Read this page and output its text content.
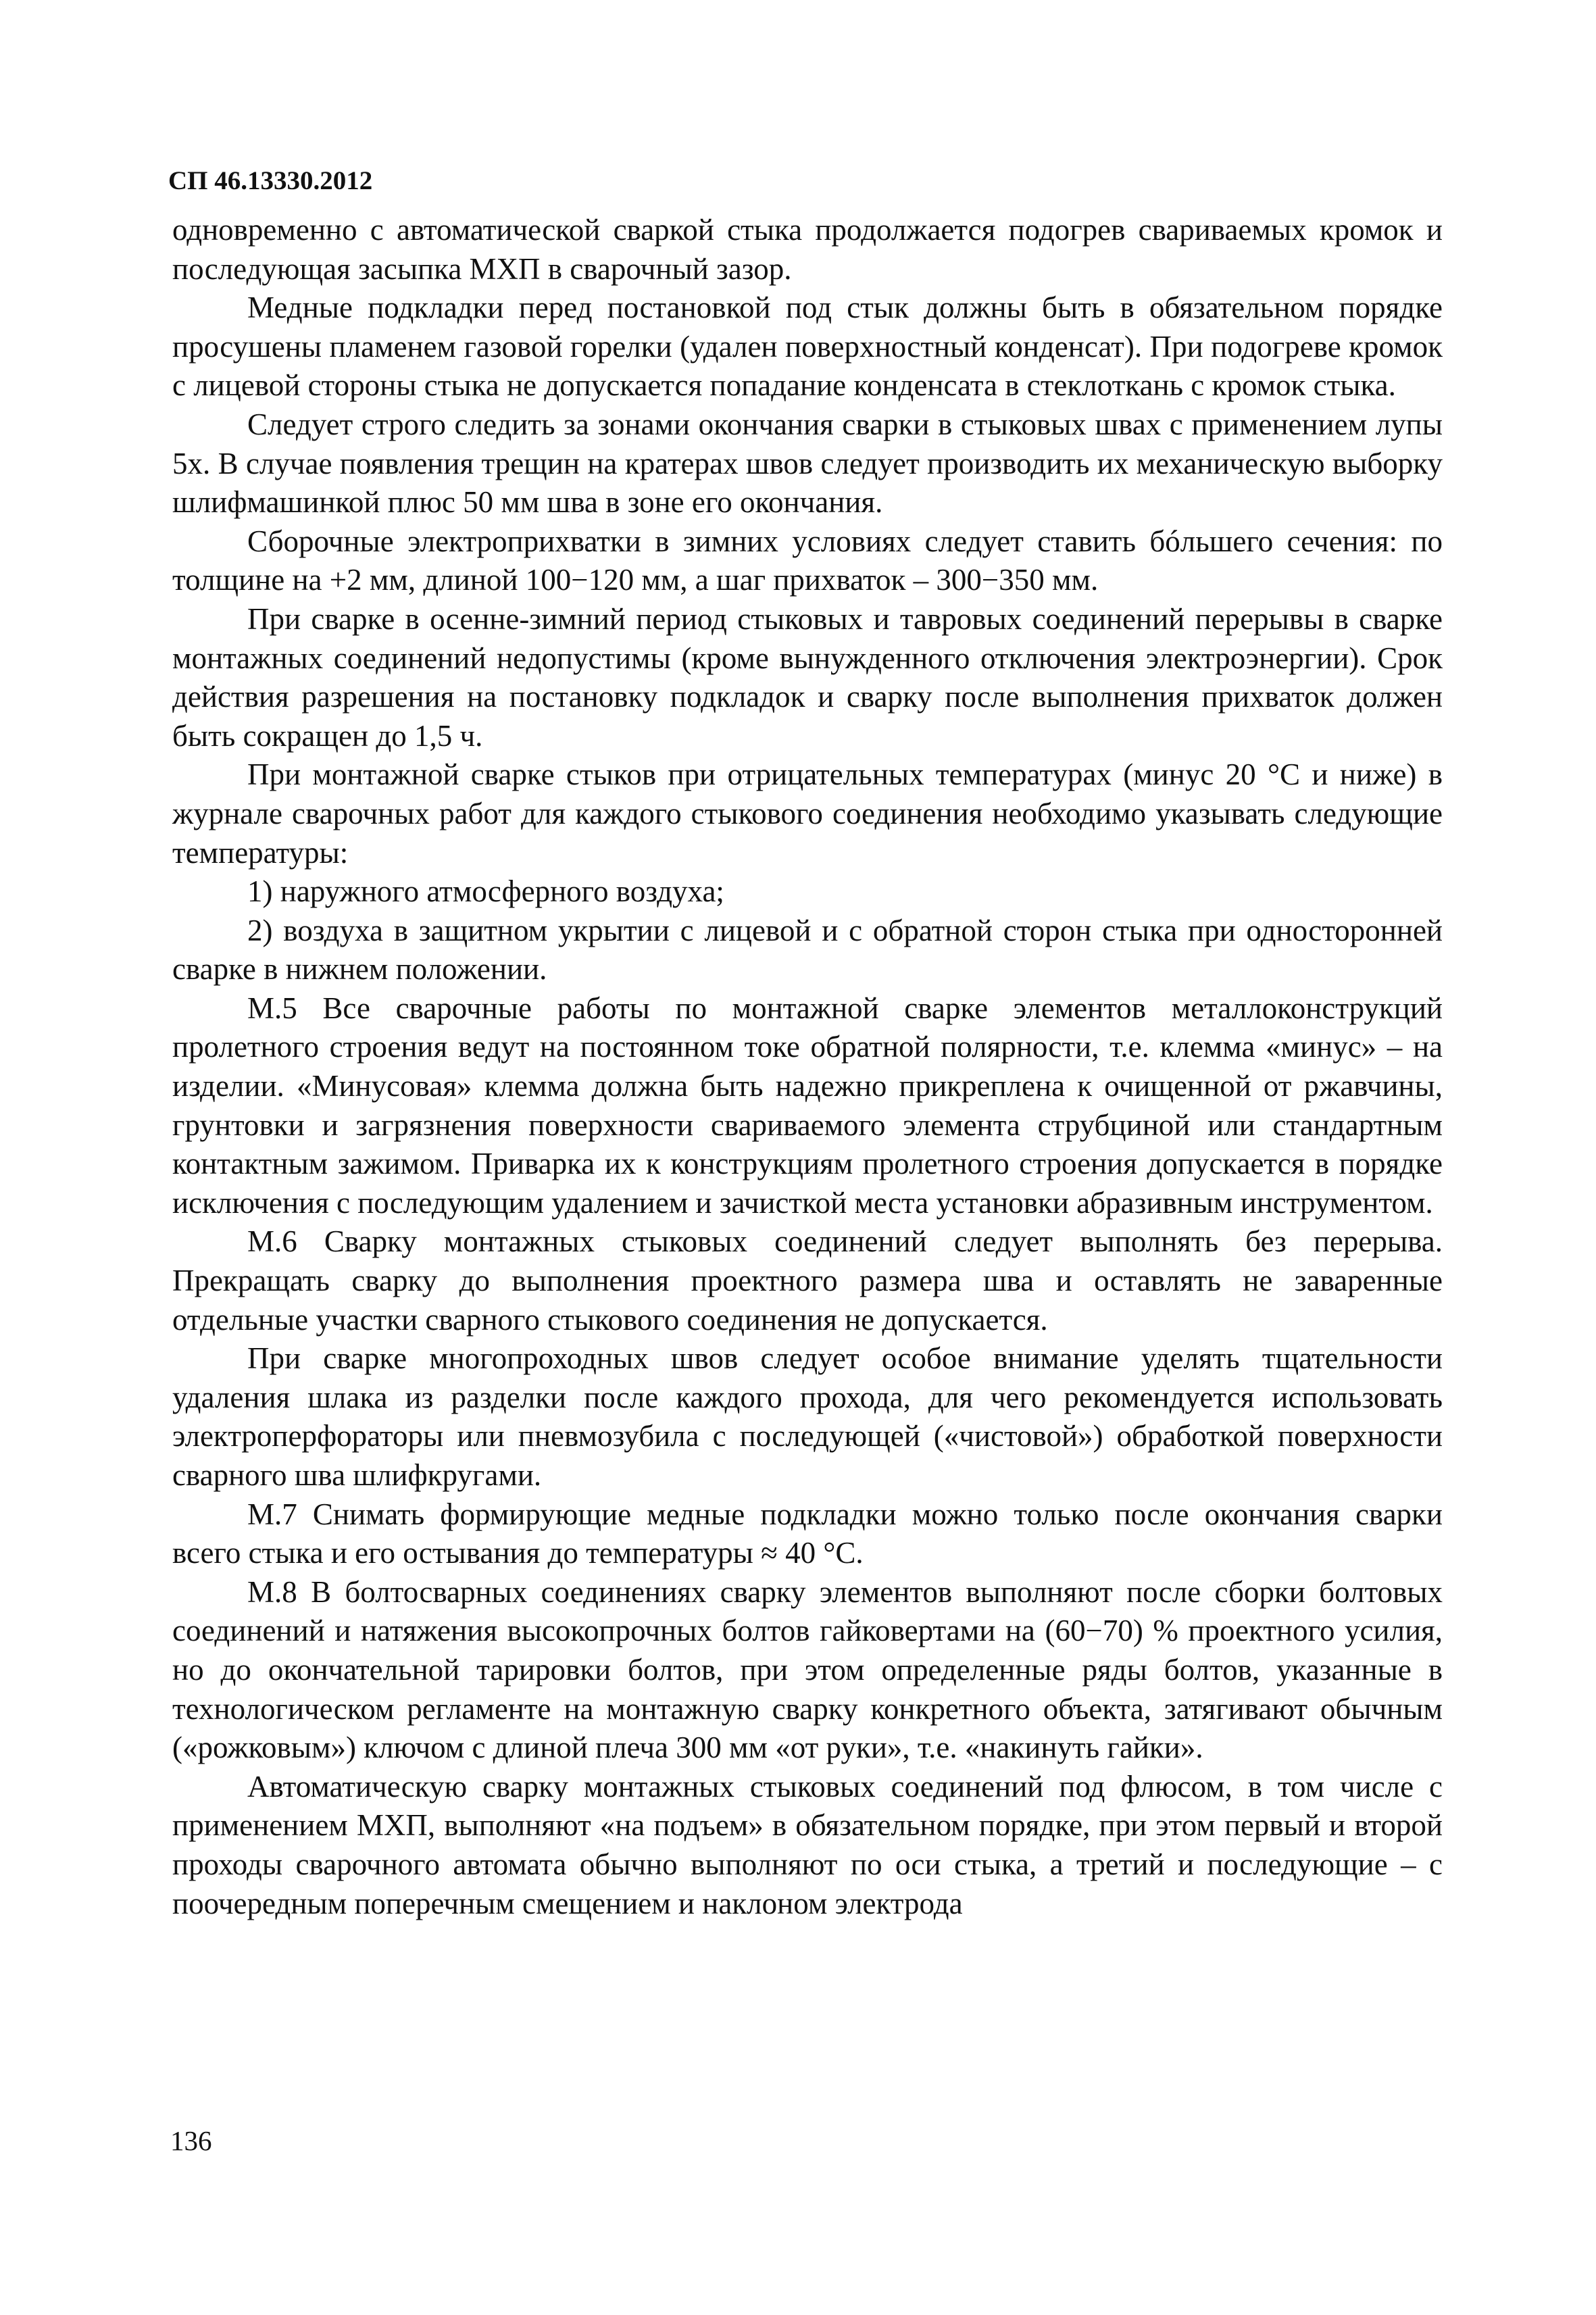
СП 46.13330.2012

одновременно с автоматической сваркой стыка продолжается подогрев свариваемых кромок и последующая засыпка МХП в сварочный зазор.

Медные подкладки перед постановкой под стык должны быть в обязательном порядке просушены пламенем газовой горелки (удален поверхностный конденсат). При подогреве кромок с лицевой стороны стыка не допускается попадание конденсата в стеклоткань с кромок стыка.

Следует строго следить за зонами окончания сварки в стыковых швах с применением лупы 5х. В случае появления трещин на кратерах швов следует производить их механическую выборку шлифмашинкой плюс 50 мм шва в зоне его окончания.

Сборочные электроприхватки в зимних условиях следует ставить бóльшего сечения: по толщине на +2 мм, длиной 100−120 мм, а шаг прихваток – 300−350 мм.

При сварке в осенне-зимний период стыковых и тавровых соединений перерывы в сварке монтажных соединений недопустимы (кроме вынужденного отключения электроэнергии). Срок действия разрешения на постановку подкладок и сварку после выполнения прихваток должен быть сокращен до 1,5 ч.

При монтажной сварке стыков при отрицательных температурах (минус 20 °С и ниже) в журнале сварочных работ для каждого стыкового соединения необходимо указывать следующие температуры:

1) наружного атмосферного воздуха;

2) воздуха в защитном укрытии с лицевой и с обратной сторон стыка при односторонней сварке в нижнем положении.

М.5 Все сварочные работы по монтажной сварке элементов металлоконструкций пролетного строения ведут на постоянном токе обратной полярности, т.е. клемма «минус» – на изделии. «Минусовая» клемма должна быть надежно прикреплена к очищенной от ржавчины, грунтовки и загрязнения поверхности свариваемого элемента струбциной или стандартным контактным зажимом. Приварка их к конструкциям пролетного строения допускается в порядке исключения с последующим удалением и зачисткой места установки абразивным инструментом.

М.6 Сварку монтажных стыковых соединений следует выполнять без перерыва. Прекращать сварку до выполнения проектного размера шва и оставлять не заваренные отдельные участки сварного стыкового соединения не допускается.

При сварке многопроходных швов следует особое внимание уделять тщательности удаления шлака из разделки после каждого прохода, для чего рекомендуется использовать электроперфораторы или пневмозубила с последующей («чистовой») обработкой поверхности сварного шва шлифкругами.

М.7 Снимать формирующие медные подкладки можно только после окончания сварки всего стыка и его остывания до температуры ≈ 40 °С.

М.8 В болтосварных соединениях сварку элементов выполняют после сборки болтовых соединений и натяжения высокопрочных болтов гайковертами на (60−70) % проектного усилия, но до окончательной тарировки болтов, при этом определенные ряды болтов, указанные в технологическом регламенте на монтажную сварку конкретного объекта, затягивают обычным («рожковым») ключом с длиной плеча 300 мм «от руки», т.е. «накинуть гайки».

Автоматическую сварку монтажных стыковых соединений под флюсом, в том числе с применением МХП, выполняют «на подъем» в обязательном порядке, при этом первый и второй проходы сварочного автомата обычно выполняют по оси стыка, а третий и последующие – с поочередным поперечным смещением и наклоном электрода

136
